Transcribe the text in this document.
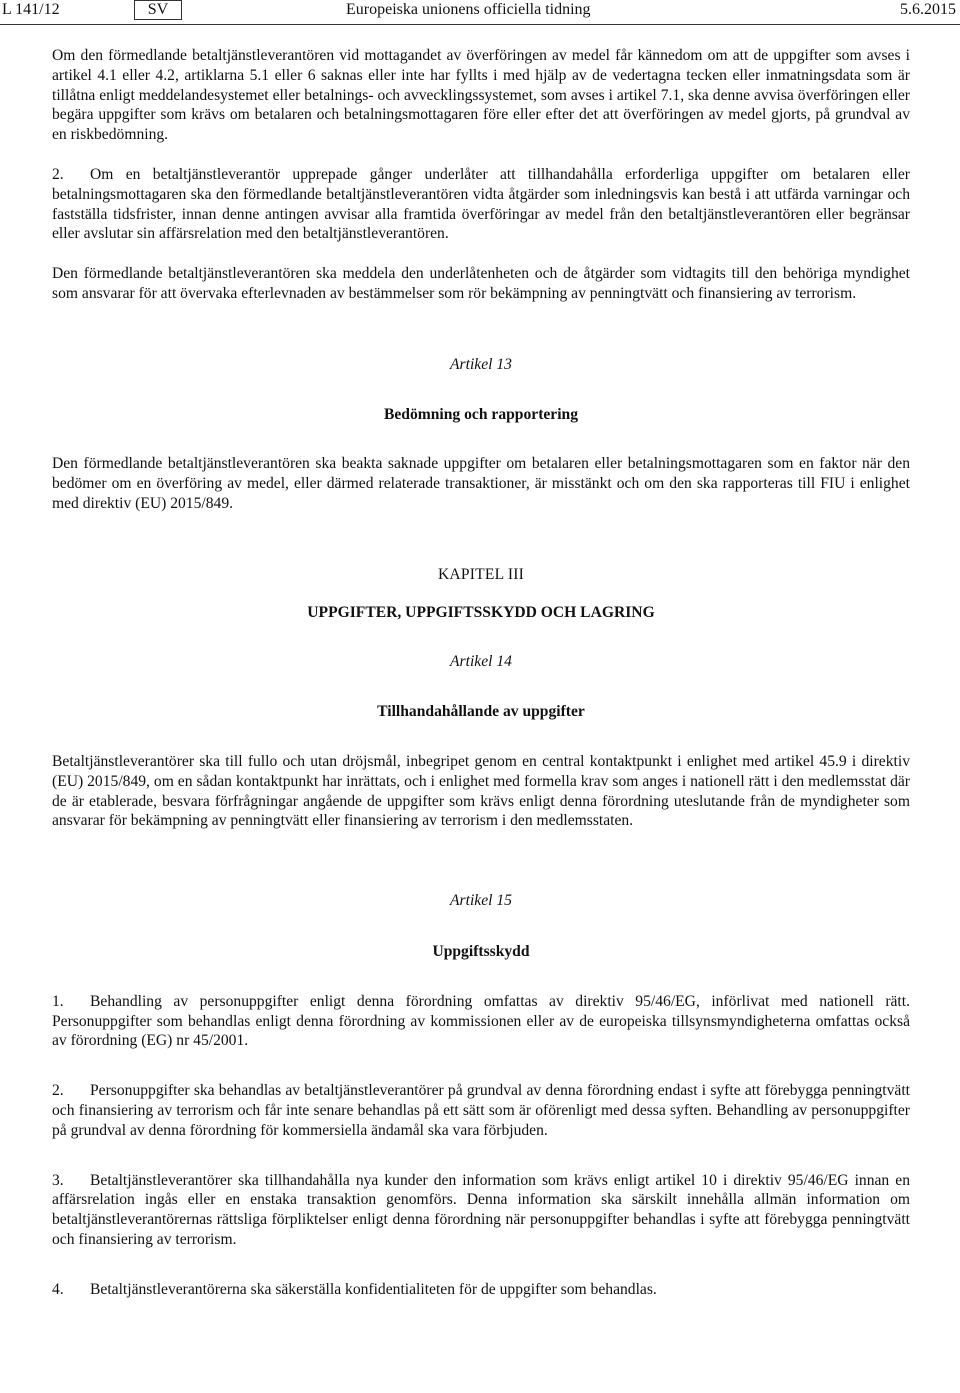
L 141/12	SV	Europeiska unionens officiella tidning	5.6.2015

Om den förmedlande betaltjänstleverantören vid mottagandet av överföringen av medel får kännedom om att de uppgifter som avses i artikel 4.1 eller 4.2, artiklarna 5.1 eller 6 saknas eller inte har fyllts i med hjälp av de vedertagna tecken eller inmatningsdata som är tillåtna enligt meddelandesystemet eller betalnings- och avvecklingssystemet, som avses i artikel 7.1, ska denne avvisa överföringen eller begära uppgifter som krävs om betalaren och betalningsmottagaren före eller efter det att överföringen av medel gjorts, på grundval av en riskbedömning.

2. Om en betaltjänstleverantör upprepade gånger underlåter att tillhandahålla erforderliga uppgifter om betalaren eller betalningsmottagaren ska den förmedlande betaltjänstleverantören vidta åtgärder som inledningsvis kan bestå i att utfärda varningar och fastställa tidsfrister, innan denne antingen avvisar alla framtida överföringar av medel från den betaltjänstleverantören eller begränsar eller avslutar sin affärsrelation med den betaltjänstleverantören.

Den förmedlande betaltjänstleverantören ska meddela den underlåtenheten och de åtgärder som vidtagits till den behöriga myndighet som ansvarar för att övervaka efterlevnaden av bestämmelser som rör bekämpning av penningtvätt och finansiering av terrorism.

Artikel 13

Bedömning och rapportering

Den förmedlande betaltjänstleverantören ska beakta saknade uppgifter om betalaren eller betalningsmottagaren som en faktor när den bedömer om en överföring av medel, eller därmed relaterade transaktioner, är misstänkt och om den ska rapporteras till FIU i enlighet med direktiv (EU) 2015/849.

KAPITEL III

UPPGIFTER, UPPGIFTSSKYDD OCH LAGRING

Artikel 14

Tillhandahållande av uppgifter

Betaltjänstleverantörer ska till fullo och utan dröjsmål, inbegripet genom en central kontaktpunkt i enlighet med artikel 45.9 i direktiv (EU) 2015/849, om en sådan kontaktpunkt har inrättats, och i enlighet med formella krav som anges i nationell rätt i den medlemsstat där de är etablerade, besvara förfrågningar angående de uppgifter som krävs enligt denna förordning uteslutande från de myndigheter som ansvarar för bekämpning av penningtvätt eller finansiering av terrorism i den medlemsstaten.

Artikel 15

Uppgiftsskydd

1. Behandling av personuppgifter enligt denna förordning omfattas av direktiv 95/46/EG, införlivat med nationell rätt. Personuppgifter som behandlas enligt denna förordning av kommissionen eller av de europeiska tillsynsmyndigheterna omfattas också av förordning (EG) nr 45/2001.

2. Personuppgifter ska behandlas av betaltjänstleverantörer på grundval av denna förordning endast i syfte att förebygga penningtvätt och finansiering av terrorism och får inte senare behandlas på ett sätt som är oförenligt med dessa syften. Behandling av personuppgifter på grundval av denna förordning för kommersiella ändamål ska vara förbjuden.

3. Betaltjänstleverantörer ska tillhandahålla nya kunder den information som krävs enligt artikel 10 i direktiv 95/46/EG innan en affärsrelation ingås eller en enstaka transaktion genomförs. Denna information ska särskilt innehålla allmän information om betaltjänstleverantörernas rättsliga förpliktelser enligt denna förordning när personuppgifter behandlas i syfte att förebygga penningtvätt och finansiering av terrorism.

4. Betaltjänstleverantörerna ska säkerställa konfidentialiteten för de uppgifter som behandlas.
